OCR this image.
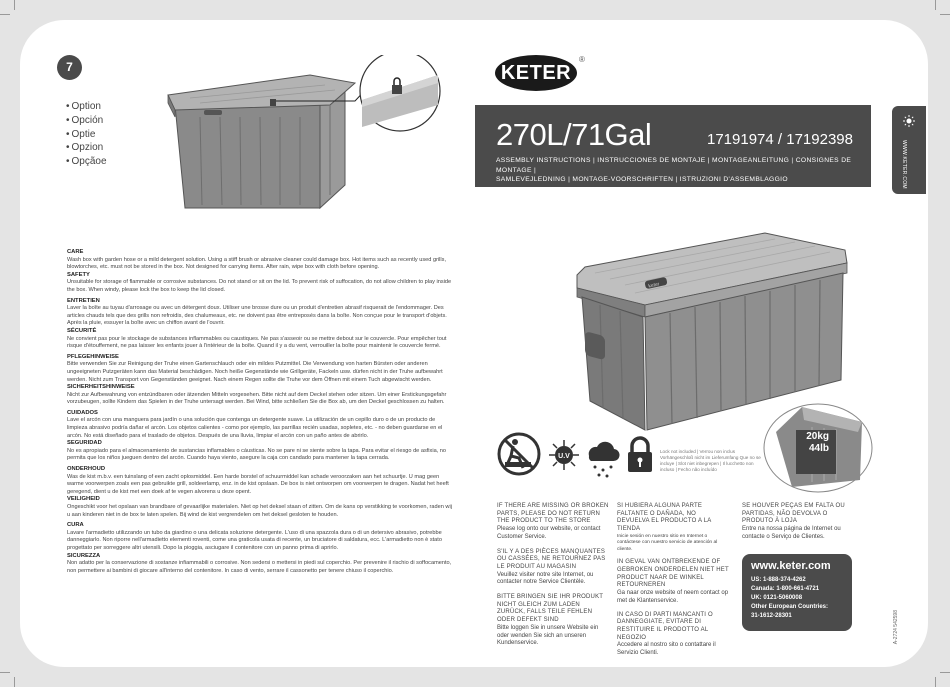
7
• Option
• Opción
• Optie
• Opzion
• Opçãoe
KETER
®
270L/71Gal	17191974 / 17192398
ASSEMBLY INSTRUCTIONS | INSTRUCCIONES DE MONTAJE | MONTAGEANLEITUNG | CONSIGNES DE MONTAGE |
SAMLEVEJLEDNING | MONTAGE-VOORSCHRIFTEN | ISTRUZIONI D'ASSEMBLAGGIO	WWW.KETER.COM
keter
20kg
44lb

CARE

Wash box with garden hose or a mild detergent solution. Using a stiff brush or abrasive cleaner could damage box. Hot items such as recently used grills, blowtorches, etc. must not be stored in the box. Not designed for carrying items. After rain, wipe box with cloth before opening.

SAFETY

Unsuitable for storage of flammable or corrosive substances. Do not stand or sit on the lid. To prevent risk of suffocation, do not allow children to play inside the box. When windy, please lock the box to keep the lid closed.

ENTRETIEN

Laver la boîte au tuyau d'arrosage ou avec un détergent doux. Utiliser une brosse dure ou un produit d'entretien abrasif risquerait de l'endommager. Des articles chauds tels que des grills non refroidis, des chalumeaux, etc. ne doivent pas être entreposés dans la boîte. Non conçue pour le transport d'objets. Après la pluie, essuyer la boîte avec un chiffon avant de l'ouvrir.

SÉCURITÉ

Ne convient pas pour le stockage de substances inflammables ou caustiques. Ne pas s'asseoir ou se mettre debout sur le couvercle. Pour empêcher tout risque d'étouffement, ne pas laisser les enfants jouer à l'intérieur de la boîte. Quand il y a du vent, verrouiller la boîte pour maintenir le couvercle fermé.

PFLEGEHINWEISE

Bitte verwenden Sie zur Reinigung der Truhe einen Gartenschlauch oder ein mildes Putzmittel. Die Verwendung von harten Bürsten oder anderen ungeeigneten Putzgeräten kann das Material beschädigen. Noch heiße Gegenstände wie Grillgeräte, Fackeln usw. dürfen nicht in der Truhe aufbewahrt werden. Nicht zum Transport von Gegenständen geeignet. Nach einem Regen sollte die Truhe vor dem Öffnen mit einem Tuch abgewischt werden.

SICHERHEITSHINWEISE

Nicht zur Aufbewahrung von entzündbaren oder ätzenden Mitteln vorgesehen. Bitte nicht auf dem Deckel stehen oder sitzen. Um einer Erstickungsgefahr vorzubeugen, sollte Kindern das Spielen in der Truhe untersagt werden. Bei Wind, bitte schließen Sie die Box ab, um den Deckel geschlossen zu halten.

CUIDADOS

Lave el arcón con una manguera para jardín o una solución que contenga un detergente suave. La utilización de un cepillo duro o de un producto de limpieza abrasivo podría dañar el arcón. Los objetos calientes - como por ejemplo, las parrillas recién usadas, sopletes, etc. - no deben guardarse en el arcón. No está diseñado para el traslado de objetos. Después de una lluvia, limpiar el arcón con un paño antes de abrirlo.

SEGURIDAD

No es apropiado para el almacenamiento de sustancias inflamables o cáusticas. No se pare ni se siente sobre la tapa. Para evitar el riesgo de asfixia, no permita que los niños jueguen dentro del arcón. Cuando haya viento, asegure la caja con candado para mantener la tapa cerrada.

ONDERHOUD

Was de kist m.b.v. een tuinslang of een zacht oplosmiddel. Een harde borstel of schuurmiddel kan schade veroorzaken aan het schuurtje. U mag geen warme voorwerpen zoals een pas gebruikte grill, soldeerlamp, enz. in de kist opslaan. De box is niet ontworpen om voorwerpen te dragen. Nadat het heeft geregend, dient u de kist met een doek af te vegen alvorens u deze opent.

VEILIGHEID

Ongeschikt voor het opslaan van brandbare of gevaarlijke materialen. Niet op het deksel staan of zitten. Om de kans op verstikking te voorkomen, raden wij u aan kinderen niet in de box te laten spelen. Bij wind de kist vergrendelen om het deksel gesloten te houden.

CURA

Lavare l'armadietto utilizzando un tubo da giardino o una delicata soluzione detergente. L'uso di una spazzola dura o di un detersivo abrasivo, potrebbe danneggiarlo. Non riporre nell'armadietto elementi roventi, come una graticola usata di recente, un bruciatore di saldatura, ecc. L'armadietto non è stato progettato per sorreggere altri utensili. Dopo la pioggia, asciugare il contenitore con un panno prima di aprirlo.

SICUREZZA

Non adatto per la conservazione di sostanze infiammabili o corrosive. Non sedersi o mettersi in piedi sul coperchio. Per prevenire il rischio di soffocamento, non permettere ai bambini di giocare all'interno del contenitore. In caso di vento, serrare il cassonetto per tenere chiuso il coperchio.

U.V
Lock not included | Verrou non inclus Vorhängeschloß nicht im Lieferumfang Que no se incluye | Slot niet inbegrepen | Il lucchetto non incluso | Fecho não incluído
IF THERE ARE MISSING OR BROKEN PARTS, PLEASE DO NOT RETURN THE PRODUCT TO THE STORE
Please log onto our website, or contact Customer Service.
S'IL Y A DES PIÈCES MANQUANTES OU CASSÉES, NE RETOURNEZ PAS LE PRODUIT AU MAGASIN
Veuillez visiter notre site Internet, ou contacter notre Service Clientèle.
BITTE BRINGEN SIE IHR PRODUKT NICHT GLEICH ZUM LADEN ZURÜCK, FALLS TEILE FEHLEN ODER DEFEKT SIND
Bitte loggen Sie in unsere Website ein oder wenden Sie sich an unseren Kundenservice.
SI HUBIERA ALGUNA PARTE FALTANTE O DAÑADA, NO DEVUELVA EL PRODUCTO A LA TIENDA
Inicie sesión en nuestro sitio en Internet o contáctese con nuestro servicio de atención al cliente.
IN GEVAL VAN ONTBREKENDE OF GEBROKEN ONDERDELEN NIET HET PRODUCT NAAR DE WINKEL RETOURNEREN
Ga naar onze website of neem contact op met de Klantenservice.
IN CASO DI PARTI MANCANTI O DANNEGGIATE, EVITARE DI RESTITUIRE IL PRODOTTO AL NEGOZIO
Accedere al nostro sito o contattare il Servizio Clienti.
SE HOUVER PEÇAS EM FALTA OU PARTIDAS, NÃO DEVOLVA O PRODUTO À LOJA
Entre na nossa página de Internet ou contacte o Serviço de Clientes.
www.keter.com
US: 1-888-374-4262
Canada: 1-800-661-4721
UK: 0121-5060008
Other European Countries:
31-1612-28301	A-2724 542598
